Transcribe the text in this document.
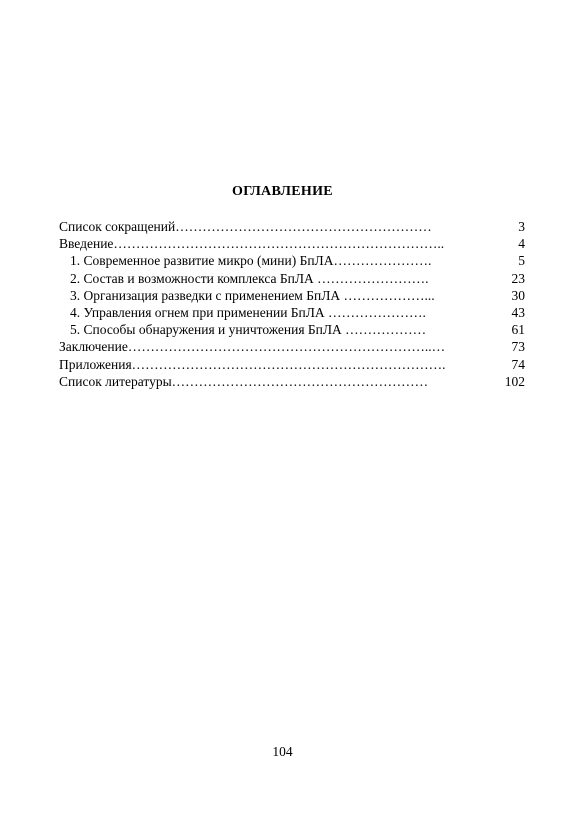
ОГЛАВЛЕНИЕ
Список сокращений…………………………………………………	3
Введение………………………………………………………………..	4
1. Современное развитие микро (мини) БпЛА………………….	5
2. Состав и возможности комплекса БпЛА …………………….	23
3. Организация разведки с применением БпЛА ………………...	30
4. Управления огнем при применении БпЛА ………………….	43
5. Способы обнаружения и уничтожения БпЛА ………………	61
Заключение…………………………………………………………..…	73
Приложения…………………………………………………………….	74
Список литературы…………………………………………………	102
104
